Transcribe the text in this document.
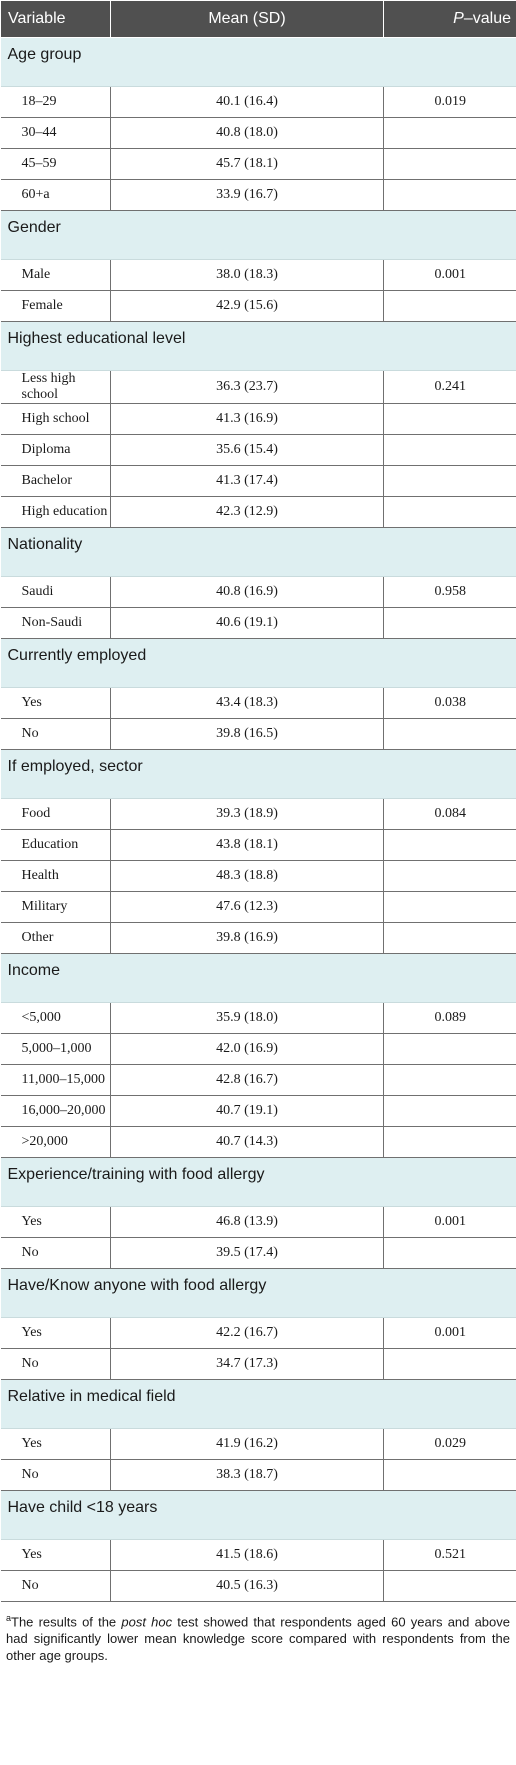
Variable	Mean (SD)	P–value
Age group		
18–29	40.1 (16.4)	0.019
30–44	40.8 (18.0)	
45–59	45.7 (18.1)	
60+a	33.9 (16.7)	
Gender		
Male	38.0 (18.3)	0.001
Female	42.9 (15.6)	
Highest educational level		
Less high school	36.3 (23.7)	0.241
High school	41.3 (16.9)	
Diploma	35.6 (15.4)	
Bachelor	41.3 (17.4)	
High education	42.3 (12.9)	
Nationality		
Saudi	40.8 (16.9)	0.958
Non-Saudi	40.6 (19.1)	
Currently employed		
Yes	43.4 (18.3)	0.038
No	39.8 (16.5)	
If employed, sector		
Food	39.3 (18.9)	0.084
Education	43.8 (18.1)	
Health	48.3 (18.8)	
Military	47.6 (12.3)	
Other	39.8 (16.9)	
Income		
<5,000	35.9 (18.0)	0.089
5,000–1,000	42.0 (16.9)	
11,000–15,000	42.8 (16.7)	
16,000–20,000	40.7 (19.1)	
>20,000	40.7 (14.3)	
Experience/training with food allergy		
Yes	46.8 (13.9)	0.001
No	39.5 (17.4)	
Have/Know anyone with food allergy		
Yes	42.2 (16.7)	0.001
No	34.7 (17.3)	
Relative in medical field		
Yes	41.9 (16.2)	0.029
No	38.3 (18.7)	
Have child <18 years		
Yes	41.5 (18.6)	0.521
No	40.5 (16.3)	
$^a$The results of the post hoc test showed that respondents aged 60 years and above had significantly lower mean knowledge score compared with respondents from the other age groups.
